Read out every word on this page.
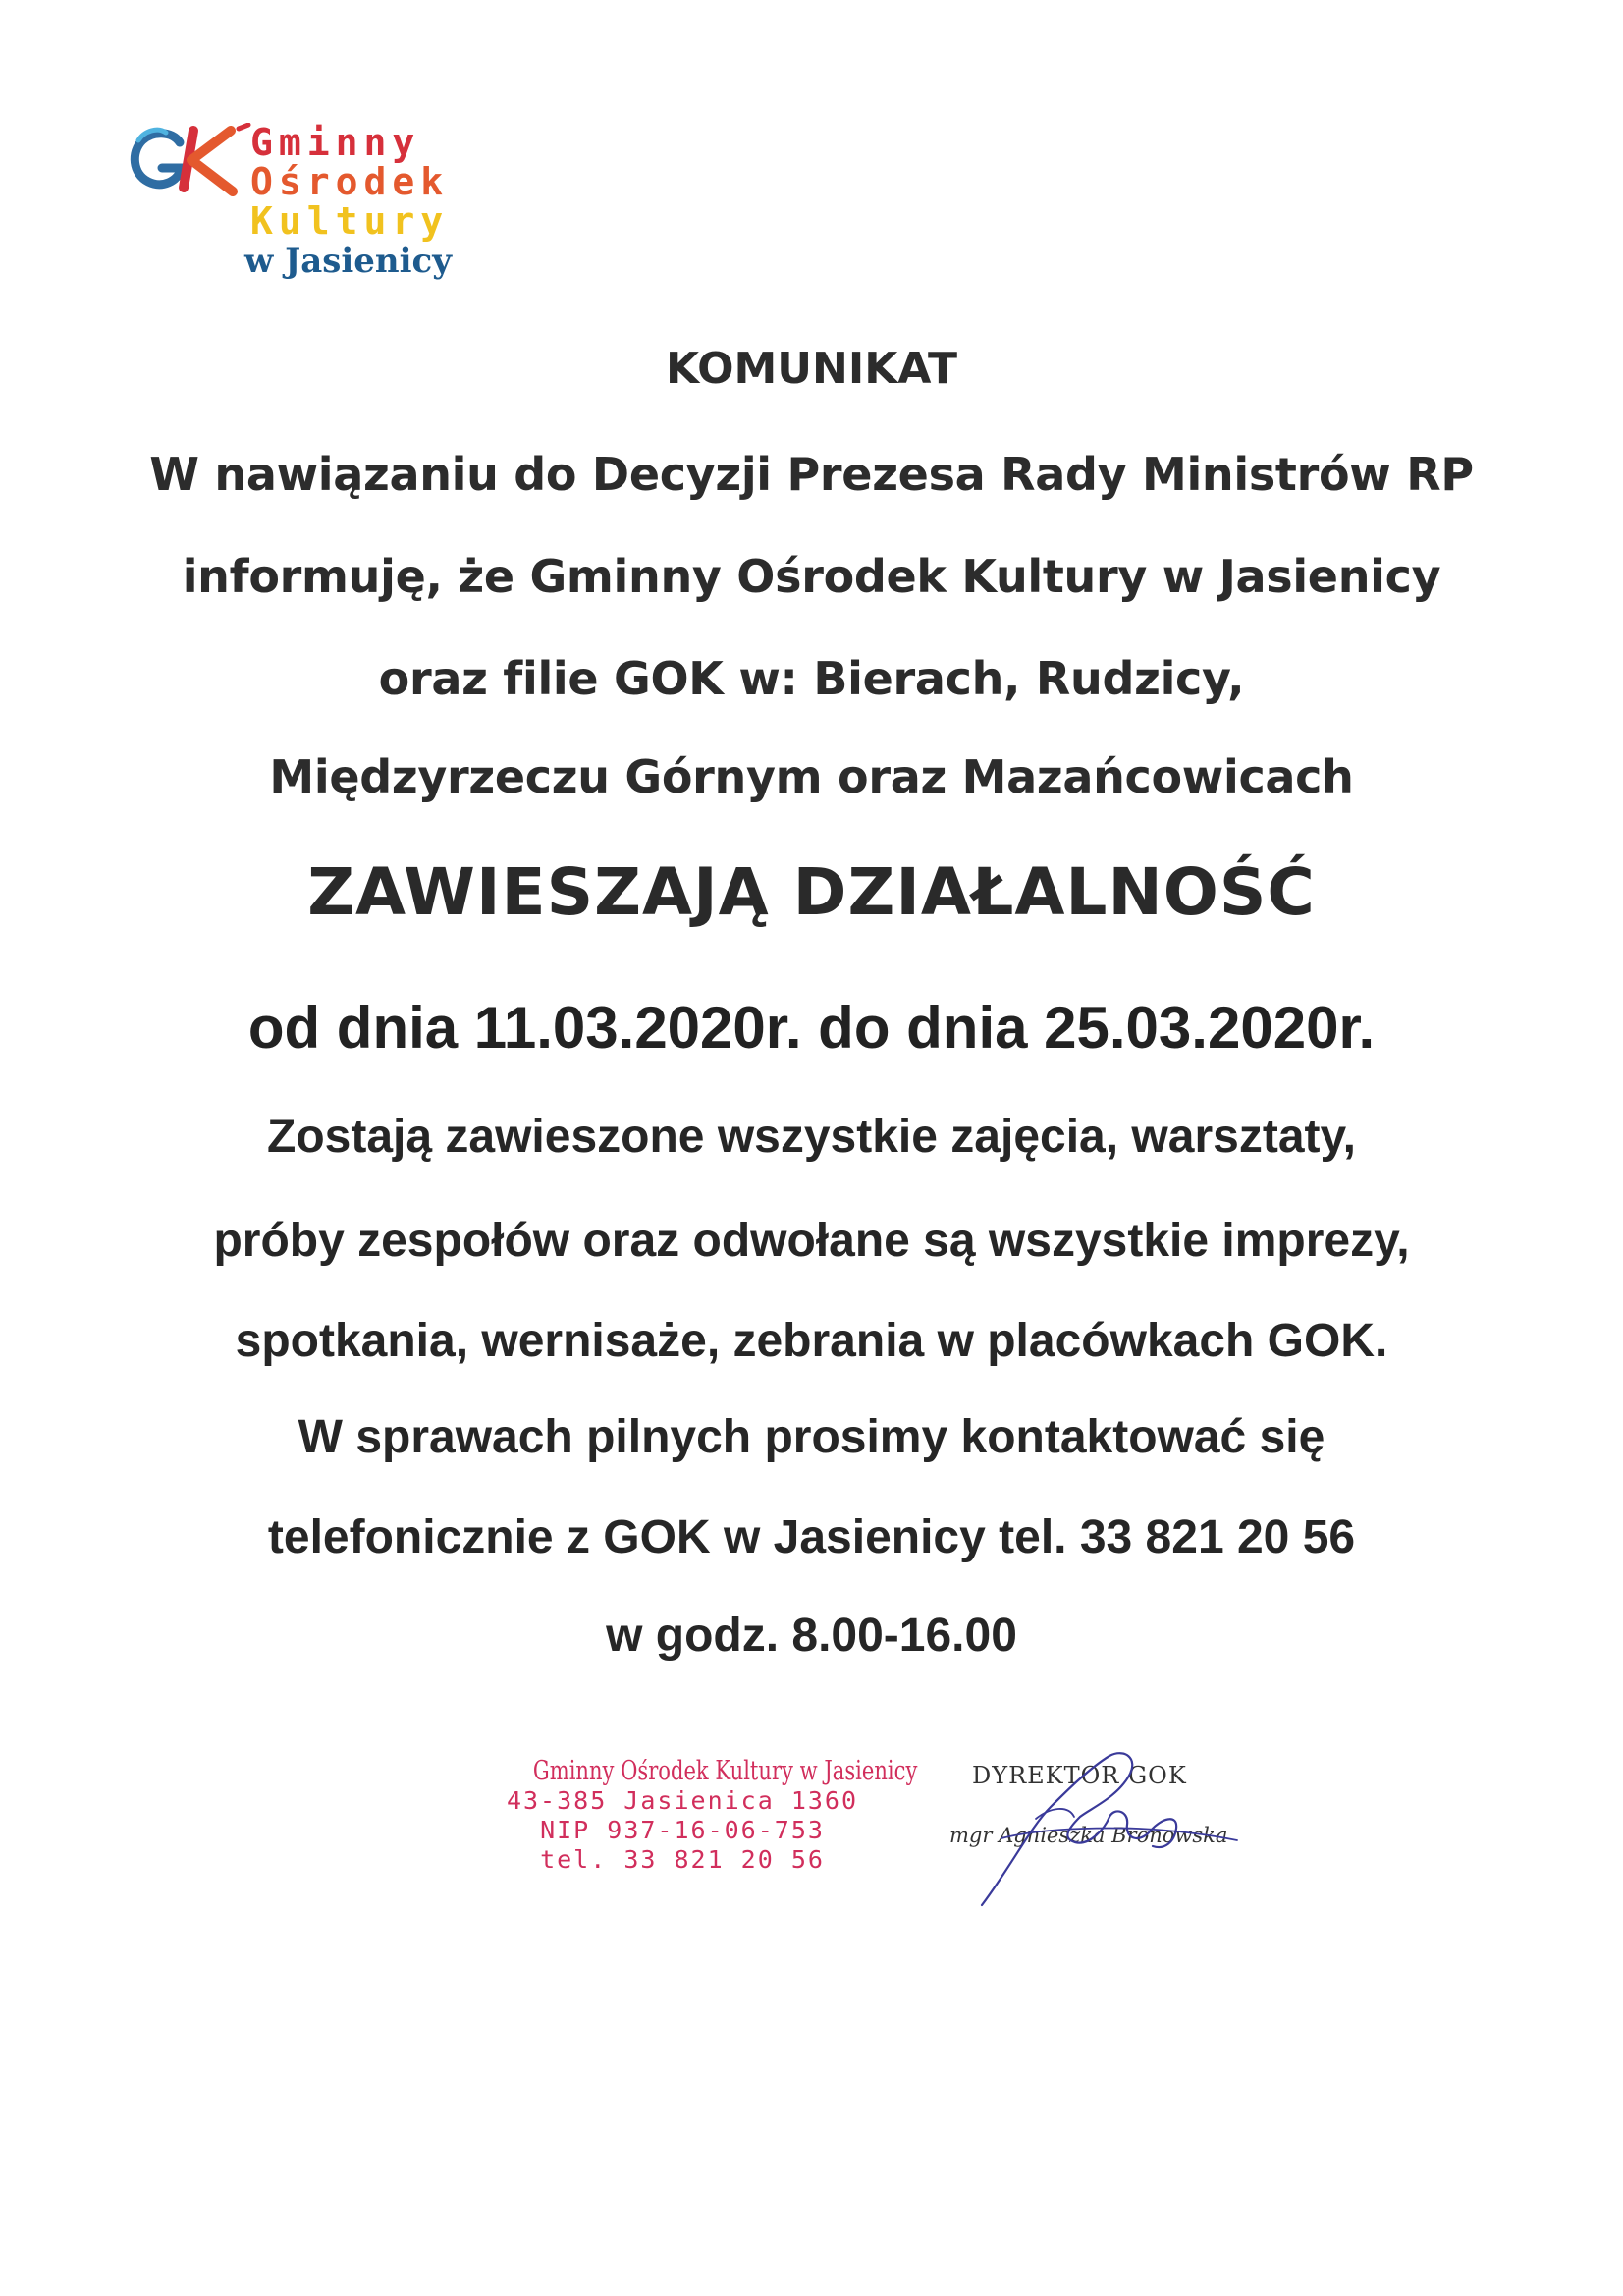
Gminny
Ośrodek
Kultury
w Jasienicy
KOMUNIKAT
W nawiązaniu do Decyzji Prezesa Rady Ministrów RP
informuję, że Gminny Ośrodek Kultury w Jasienicy
oraz filie GOK w: Bierach, Rudzicy,
Międzyrzeczu Górnym oraz Mazańcowicach
ZAWIESZAJĄ DZIAŁALNOŚĆ
od dnia 11.03.2020r. do dnia 25.03.2020r.
Zostają zawieszone wszystkie zajęcia, warsztaty,
próby zespołów oraz odwołane są wszystkie imprezy,
spotkania, wernisaże, zebrania w placówkach GOK.
W sprawach pilnych prosimy kontaktować się
telefonicznie z GOK w Jasienicy tel. 33 821 20 56
w godz. 8.00-16.00
Gminny Ośrodek Kultury w Jasienicy
43-385 Jasienica 1360
NIP 937-16-06-753
tel. 33 821 20 56
DYREKTOR GOK
mgr Agnieszka Bronowska
